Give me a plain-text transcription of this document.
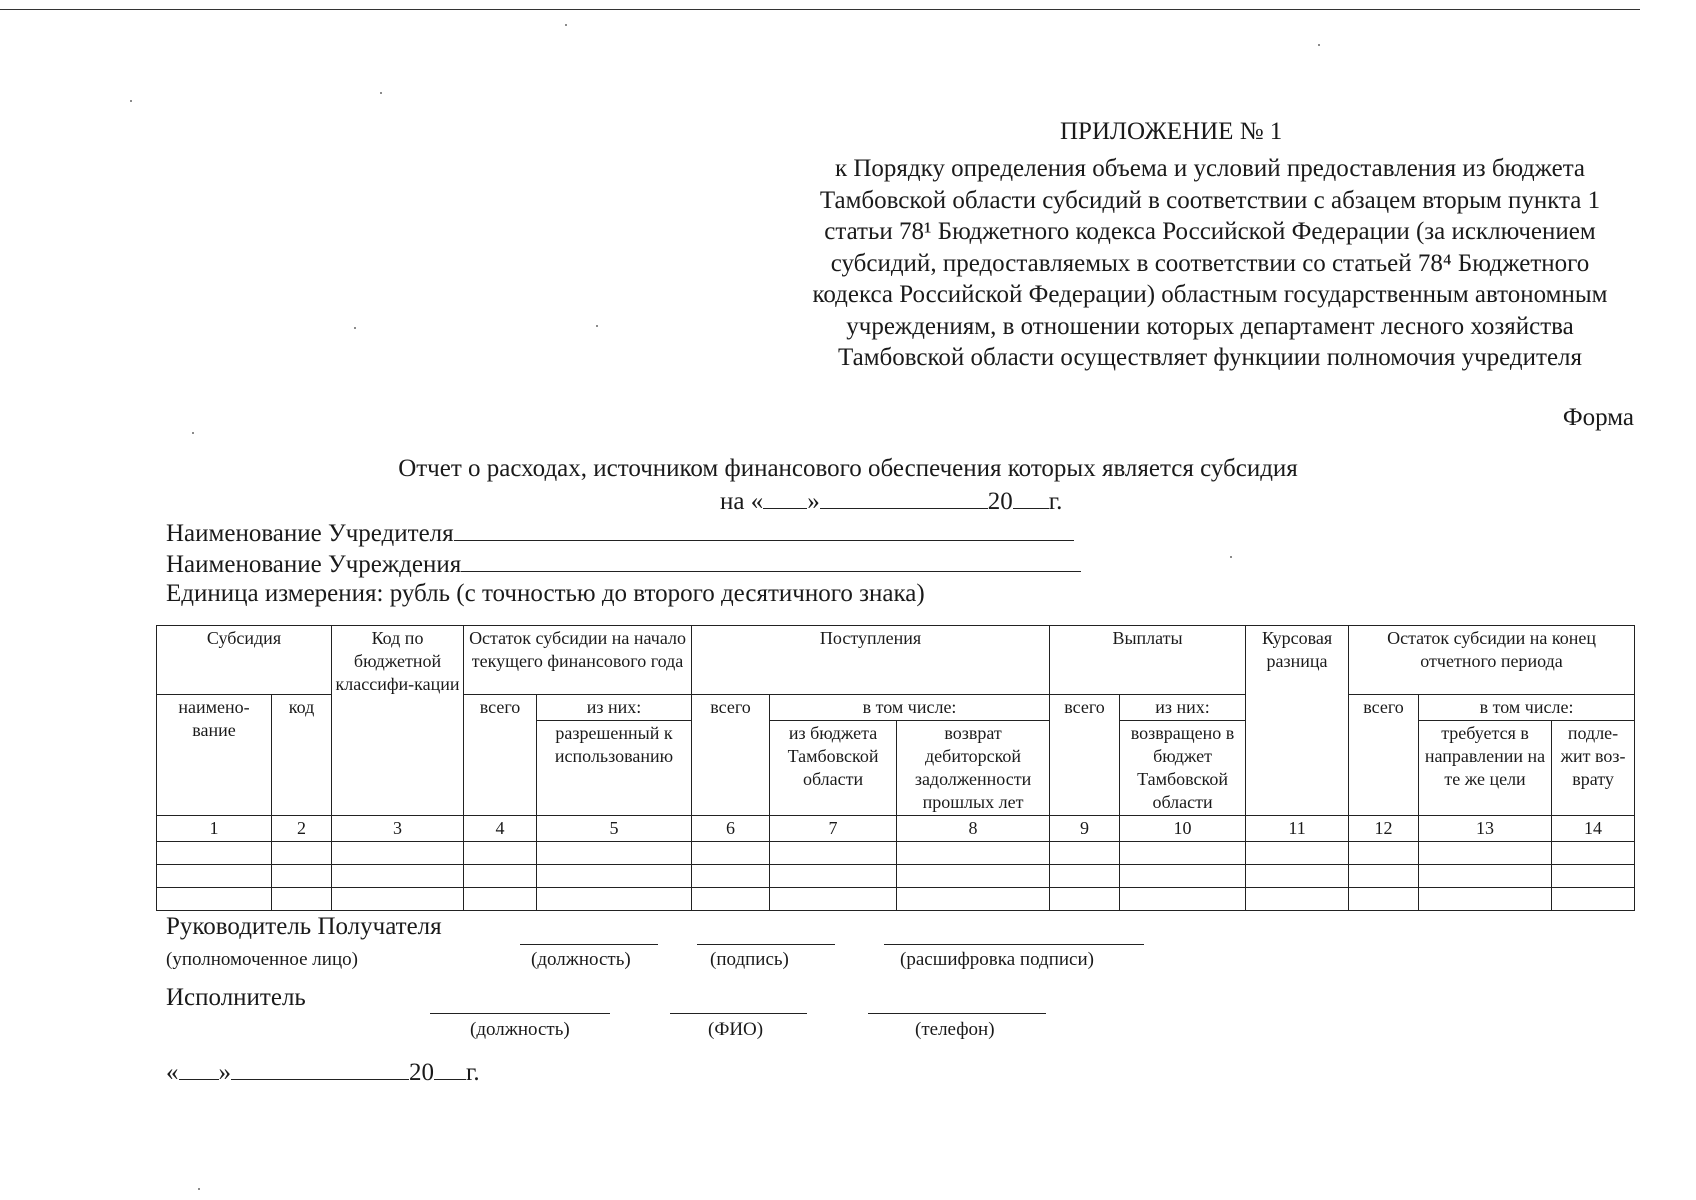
ПРИЛОЖЕНИЕ № 1
к Порядку определения объема и условий предоставления из бюджета
Тамбовской области субсидий в соответствии с абзацем вторым пункта 1
статьи 78¹ Бюджетного кодекса Российской Федерации (за исключением
субсидий, предоставляемых в соответствии со статьей 78⁴ Бюджетного
кодекса Российской Федерации) областным государственным автономным
учреждениям, в отношении которых департамент лесного хозяйства
Тамбовской области осуществляет функциии полномочия учредителя
Форма
Отчет о расходах, источником финансового обеспечения которых является субсидия
на « »	20 г.
Наименование Учредителя
Наименование Учреждения
Единица измерения: рубль (с точностью до второго десятичного знака)
Субсидия		Код по бюджетной классифи-кации	Остаток субсидии на начало текущего финансового года		Поступления			Выплаты		Курсовая разница	Остаток субсидии на конец отчетного периода		
наимено-вание	код		всего	из них:	всего	в том числе:		всего	из них:		всего	в том числе:	
				разрешенный к использованию		из бюджета Тамбовской области	возврат дебиторской задолженности прошлых лет		возвращено в бюджет Тамбовской области			требуется в направлении на те же цели	подле-жит воз-врату
1	2	3	4	5	6	7	8	9	10	11	12	13	14

Руководитель Получателя
(уполномоченное лицо)	(должность)	(подпись)	(расшифровка подписи)
Исполнитель
(должность)	(ФИО)	(телефон)
« »	20 г.
